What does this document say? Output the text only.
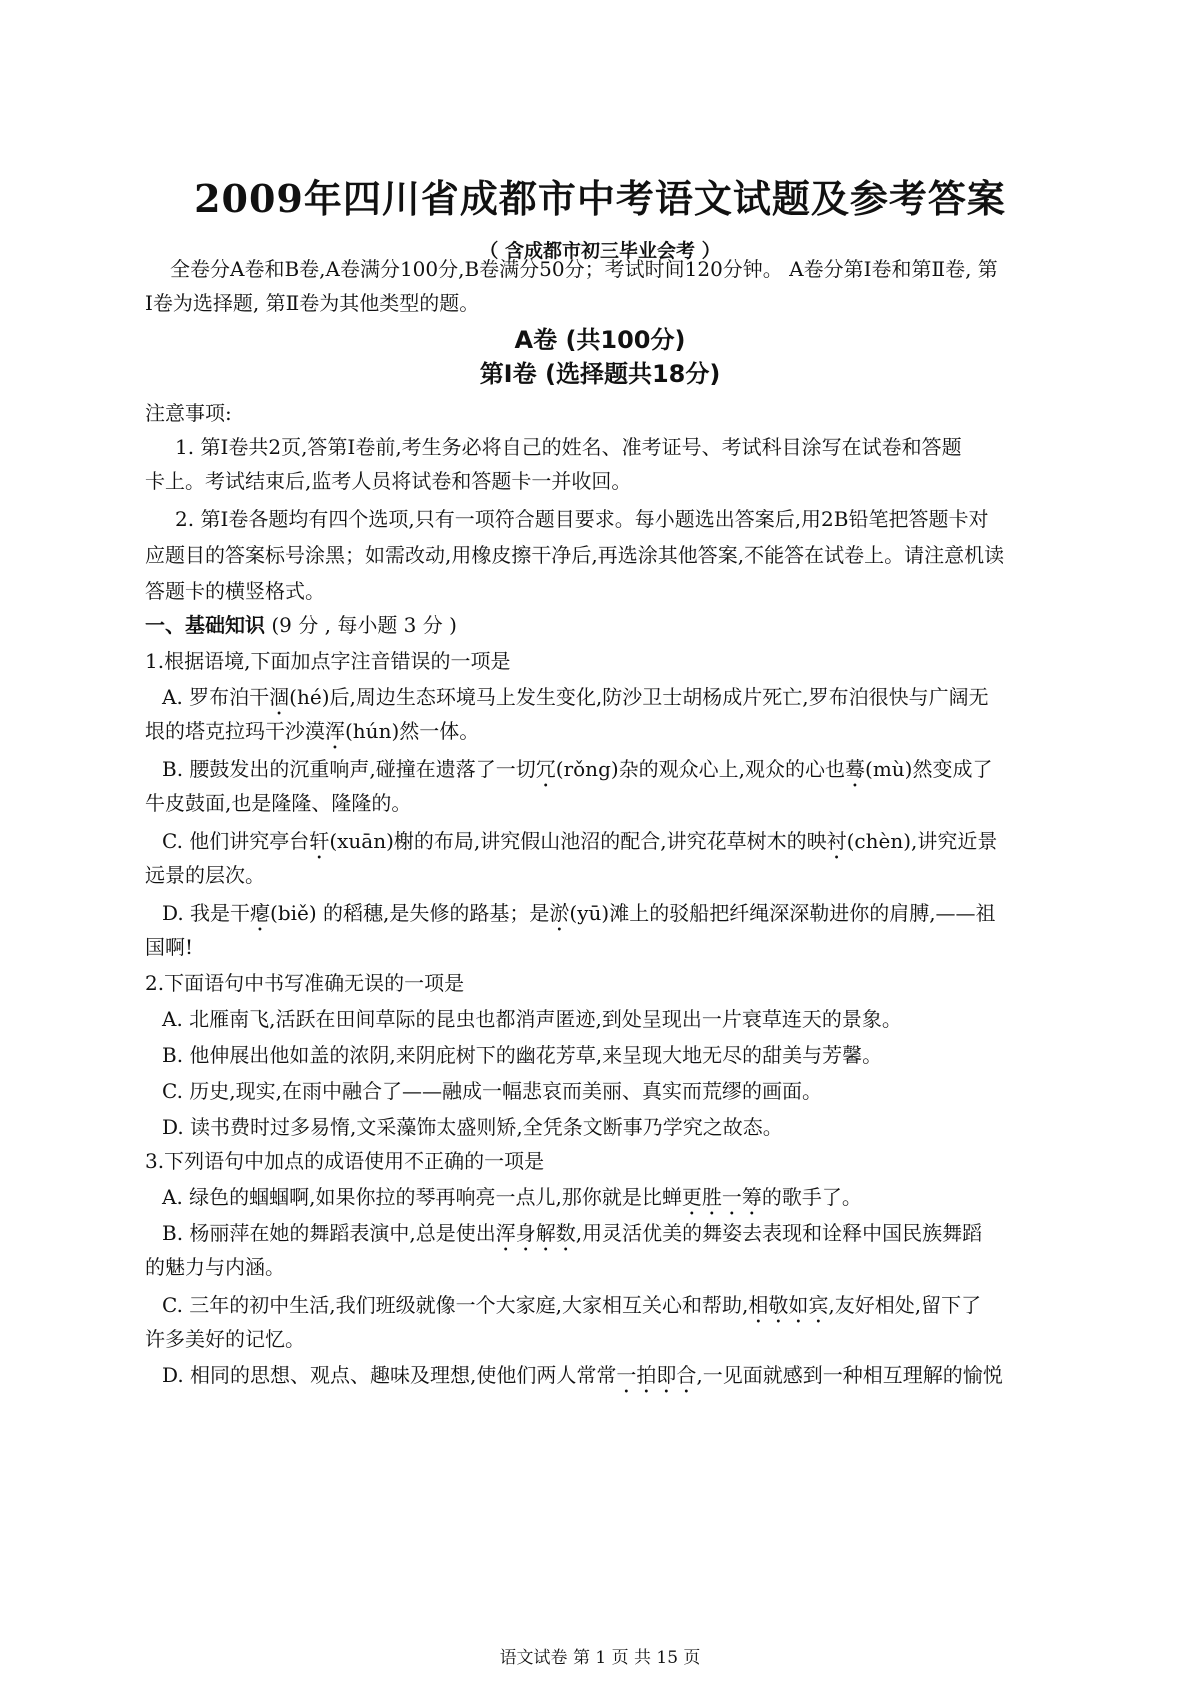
2009年四川省成都市中考语文试题及参考答案
（ 含成都市初三毕业会考 ）
全卷分A卷和B卷,A卷满分100分,B卷满分50分；考试时间120分钟。 A卷分第Ⅰ卷和第Ⅱ卷, 第
Ⅰ卷为选择题, 第Ⅱ卷为其他类型的题。
A卷 (共100分)
第Ⅰ卷 (选择题共18分)
注意事项:
1. 第Ⅰ卷共2页,答第Ⅰ卷前,考生务必将自己的姓名、准考证号、考试科目涂写在试卷和答题
卡上。考试结束后,监考人员将试卷和答题卡一并收回。
2. 第Ⅰ卷各题均有四个选项,只有一项符合题目要求。每小题选出答案后,用2B铅笔把答题卡对
应题目的答案标号涂黑；如需改动,用橡皮擦干净后,再选涂其他答案,不能答在试卷上。请注意机读
答题卡的横竖格式。
一、基础知识 (9 分 , 每小题 3 分 )
1.根据语境,下面加点字注音错误的一项是
A. 罗布泊干涸(hé)后,周边生态环境马上发生变化,防沙卫士胡杨成片死亡,罗布泊很快与广阔无
垠的塔克拉玛干沙漠浑(hún)然一体。
B. 腰鼓发出的沉重响声,碰撞在遗落了一切冗(rǒng)杂的观众心上,观众的心也蓦(mù)然变成了
牛皮鼓面,也是隆隆、隆隆的。
C. 他们讲究亭台轩(xuān)榭的布局,讲究假山池沼的配合,讲究花草树木的映衬(chèn),讲究近景
远景的层次。
D. 我是干瘪(biě) 的稻穗,是失修的路基；是淤(yū)滩上的驳船把纤绳深深勒进你的肩膊,——祖
国啊!
2.下面语句中书写准确无误的一项是
A. 北雁南飞,活跃在田间草际的昆虫也都消声匿迹,到处呈现出一片衰草连天的景象。
B. 他伸展出他如盖的浓阴,来阴庇树下的幽花芳草,来呈现大地无尽的甜美与芳馨。
C. 历史,现实,在雨中融合了——融成一幅悲哀而美丽、真实而荒缪的画面。
D. 读书费时过多易惰,文采藻饰太盛则矫,全凭条文断事乃学究之故态。
3.下列语句中加点的成语使用不正确的一项是
A. 绿色的蝈蝈啊,如果你拉的琴再响亮一点儿,那你就是比蝉更胜一筹的歌手了。
B. 杨丽萍在她的舞蹈表演中,总是使出浑身解数,用灵活优美的舞姿去表现和诠释中国民族舞蹈
的魅力与内涵。
C. 三年的初中生活,我们班级就像一个大家庭,大家相互关心和帮助,相敬如宾,友好相处,留下了
许多美好的记忆。
D. 相同的思想、观点、趣味及理想,使他们两人常常一拍即合,一见面就感到一种相互理解的愉悦
语文试卷 第 1 页 共 15 页
